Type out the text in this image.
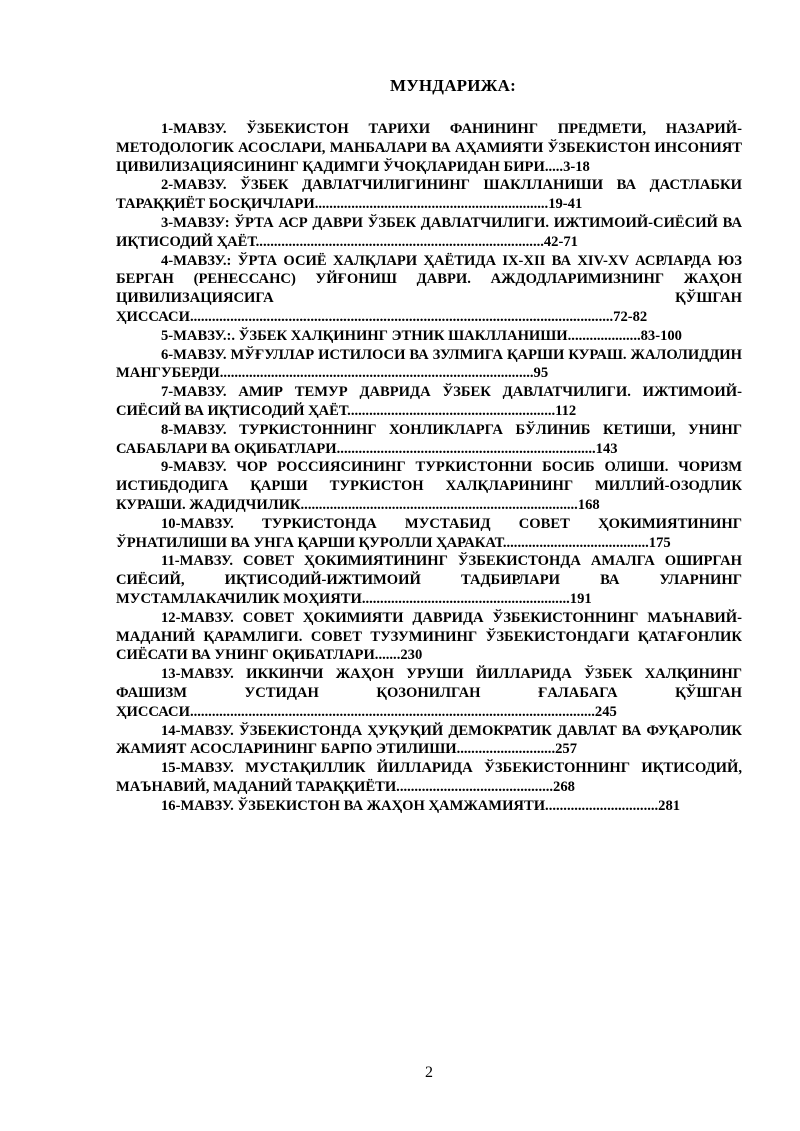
МУНДАРИЖА:

1-МАВЗУ. ЎЗБЕКИСТОН ТАРИХИ ФАНИНИНГ ПРЕДМЕТИ, НАЗАРИЙ-МЕТОДОЛОГИК АСОСЛАРИ, МАНБАЛАРИ ВА АҲАМИЯТИ ЎЗБЕКИСТОН ИНСОНИЯТ ЦИВИЛИЗАЦИЯСИНИНГ ҚАДИМГИ ЎЧОҚЛАРИДАН БИРИ.....3-18

2-МАВЗУ. ЎЗБЕК ДАВЛАТЧИЛИГИНИНГ ШАКЛЛАНИШИ ВА ДАСТЛАБКИ ТАРАҚҚИЁТ БОСҚИЧЛАРИ................................................................19-41

3-МАВЗУ: ЎРТА АСР ДАВРИ ЎЗБЕК ДАВЛАТЧИЛИГИ. ИЖТИМОИЙ-СИЁСИЙ ВА ИҚТИСОДИЙ ҲАЁТ...............................................................................42-71

4-МАВЗУ.: ЎРТА ОСИЁ ХАЛҚЛАРИ ҲАЁТИДА IX-XII ВА XIV-XV АСРЛАРДА ЮЗ БЕРГАН (РЕНЕССАНС) УЙҒОНИШ ДАВРИ. АЖДОДЛАРИМИЗНИНГ ЖАҲОН ЦИВИЛИЗАЦИЯСИГА ҚЎШГАН ҲИССАСИ....................................................................................................................72-82

5-МАВЗУ.:. ЎЗБЕК ХАЛҚИНИНГ ЭТНИК ШАКЛЛАНИШИ....................83-100

6-МАВЗУ. МЎҒУЛЛАР ИСТИЛОСИ ВА ЗУЛМИГА ҚАРШИ КУРАШ. ЖАЛОЛИДДИН МАНГУБЕРДИ......................................................................................95

7-МАВЗУ. АМИР ТЕМУР ДАВРИДА ЎЗБЕК ДАВЛАТЧИЛИГИ. ИЖТИМОИЙ-СИЁСИЙ ВА ИҚТИСОДИЙ ҲАЁТ.........................................................112

8-МАВЗУ. ТУРКИСТОННИНГ ХОНЛИКЛАРГА БЎЛИНИБ КЕТИШИ, УНИНГ САБАБЛАРИ ВА ОҚИБАТЛАРИ.......................................................................143

9-МАВЗУ. ЧОР РОССИЯСИНИНГ ТУРКИСТОННИ БОСИБ ОЛИШИ. ЧОРИЗМ ИСТИБДОДИГА ҚАРШИ ТУРКИСТОН ХАЛҚЛАРИНИНГ МИЛЛИЙ-ОЗОДЛИК КУРАШИ. ЖАДИДЧИЛИК............................................................................168

10-МАВЗУ. ТУРКИСТОНДА МУСТАБИД СОВЕТ ҲОКИМИЯТИНИНГ ЎРНАТИЛИШИ ВА УНГА ҚАРШИ ҚУРОЛЛИ ҲАРАКАТ........................................175

11-МАВЗУ. СОВЕТ ҲОКИМИЯТИНИНГ ЎЗБЕКИСТОНДА АМАЛГА ОШИРГАН СИЁСИЙ, ИҚТИСОДИЙ-ИЖТИМОИЙ ТАДБИРЛАРИ ВА УЛАРНИНГ МУСТАМЛАКАЧИЛИК МОҲИЯТИ.........................................................191

12-МАВЗУ. СОВЕТ ҲОКИМИЯТИ ДАВРИДА ЎЗБЕКИСТОННИНГ МАЪНАВИЙ-МАДАНИЙ ҚАРАМЛИГИ. СОВЕТ ТУЗУМИНИНГ ЎЗБЕКИСТОНДАГИ ҚАТАҒОНЛИК СИЁСАТИ ВА УНИНГ ОҚИБАТЛАРИ.......230

13-МАВЗУ. ИККИНЧИ ЖАҲОН УРУШИ ЙИЛЛАРИДА ЎЗБЕК ХАЛҚИНИНГ ФАШИЗМ УСТИДАН ҚОЗОНИЛГАН ҒАЛАБАГА ҚЎШГАН ҲИССАСИ...............................................................................................................245

14-МАВЗУ. ЎЗБЕКИСТОНДА ҲУҚУҚИЙ ДЕМОКРАТИК ДАВЛАТ ВА ФУҚАРОЛИК ЖАМИЯТ АСОСЛАРИНИНГ БАРПО ЭТИЛИШИ...........................257

15-МАВЗУ. МУСТАҚИЛЛИК ЙИЛЛАРИДА ЎЗБЕКИСТОННИНГ ИҚТИСОДИЙ, МАЪНАВИЙ, МАДАНИЙ ТАРАҚҚИЁТИ...........................................268

16-МАВЗУ. ЎЗБЕКИСТОН ВА ЖАҲОН ҲАМЖАМИЯТИ...............................281

2
